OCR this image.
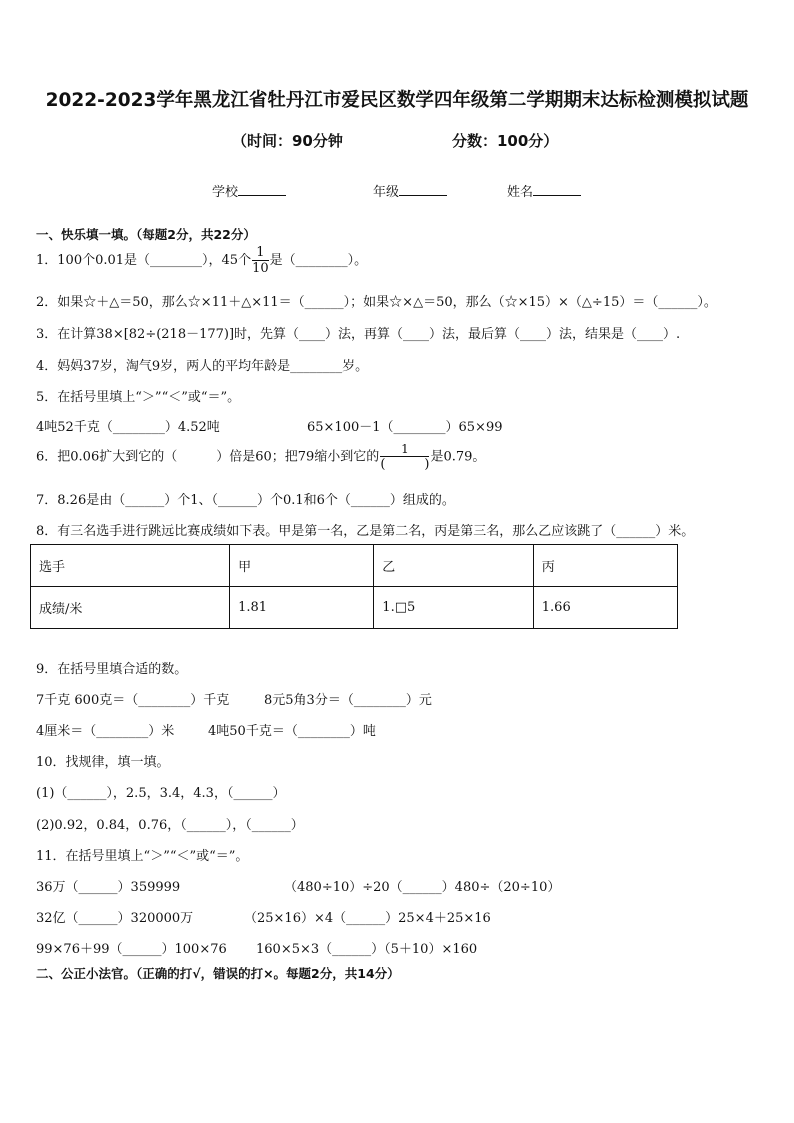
2022-2023学年黑龙江省牡丹江市爱民区数学四年级第二学期期末达标检测模拟试题
（时间：90分钟	分数：100分）
学校	年级	姓名
一、快乐填一填。（每题2分，共22分）
1．100个0.01是（________），45个 $\frac{1}{10}$ 是（________）。
2．如果☆＋△＝50，那么☆×11＋△×11＝（______）；如果☆×△＝50，那么（☆×15）×（△÷15）＝（______）。
3．在计算38×[82÷(218－177)]时，先算（____）法，再算（____）法，最后算（____）法，结果是（____）.
4．妈妈37岁，淘气9岁，两人的平均年龄是________岁。
5．在括号里填上“＞”“＜”或“＝”。
4吨52千克（________）4.52吨	65×100－1（________）65×99
6．把0.06扩大到它的（　　　）倍是60；把79缩小到它的 $\frac{1}{( )}$ 是0.79。
7．8.26是由（______）个1、（______）个0.1和6个（______）组成的。
8．有三名选手进行跳远比赛成绩如下表。甲是第一名，乙是第二名，丙是第三名，那么乙应该跳了（______）米。
选手	甲	乙	丙
成绩/米	1.81	1.□5	1.66
9．在括号里填合适的数。
7千克 600克＝（________）千克	8元5角3分＝（________）元
4厘米＝（________）米	4吨50千克＝（________）吨
10．找规律，填一填。
(1)（______），2.5，3.4，4.3，（______）
(2)0.92，0.84，0.76，（______），（______）
11．在括号里填上“＞”“＜”或“＝”。
36万（______）359999	（480÷10）÷20（______）480÷（20÷10）
32亿（______）320000万	（25×16）×4（______）25×4＋25×16
99×76＋99（______）100×76 160×5×3（______）（5＋10）×160
二、公正小法官。（正确的打√，错误的打×。每题2分，共14分）
